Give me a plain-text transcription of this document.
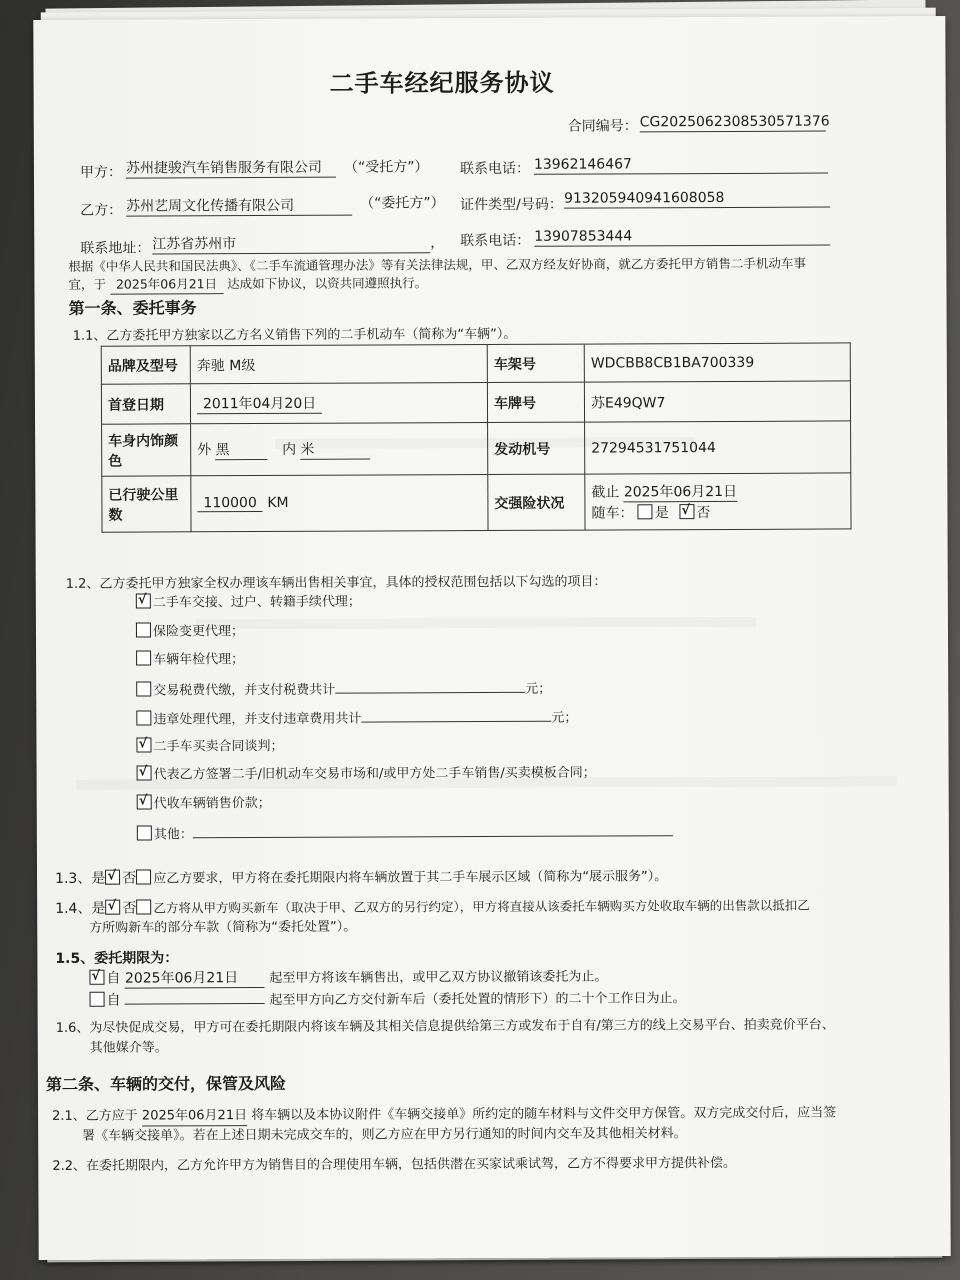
二手车经纪服务协议
合同编号： CG2025062308530571376
甲方： 苏州捷骏汽车销售服务有限公司	（“受托方”） 联系电话： 13962146467
乙方： 苏州艺周文化传播有限公司	（“委托方”） 证件类型/号码： 913205940941608058
联系地址： 江苏省苏州市	， 联系电话： 13907853444
根据《中华人民共和国民法典》、《二手车流通管理办法》等有关法律法规，甲、乙双方经友好协商，就乙方委托甲方销售二手机动车事
宜，于 2025年06月21日 达成如下协议，以资共同遵照执行。
第一条、委托事务
1.1、乙方委托甲方独家以乙方名义销售下列的二手机动车（简称为“车辆”）。
品牌及型号	奔驰 M级	车架号	WDCBB8CB1BA700339
首登日期	2011年04月20日	车牌号	苏E49QW7
车身内饰颜色	外 黑 内 米	发动机号	27294531751044
已行驶公里数	110000 KM	交强险状况	截止 2025年06月21日
随车： 是 √ 否
1.2、乙方委托甲方独家全权办理该车辆出售相关事宜，具体的授权范围包括以下勾选的项目：
√二手车交接、过户、转籍手续代理；
保险变更代理；
车辆年检代理；
交易税费代缴，并支付税费共计	元；
违章处理代理，并支付违章费用共计	元；
√二手车买卖合同谈判；
√代表乙方签署二手/旧机动车交易市场和/或甲方处二手车销售/买卖模板合同；
√代收车辆销售价款；
其他：
1.3、是 √ 否 应乙方要求，甲方将在委托期限内将车辆放置于其二手车展示区域（简称为“展示服务”）。
1.4、是 √ 否 乙方将从甲方购买新车（取决于甲、乙双方的另行约定），甲方将直接从该委托车辆购买方处收取车辆的出售款以抵扣乙
方所购新车的部分车款（简称为“委托处置”）。
1.5、委托期限为：
√自 2025年06月21日 起至甲方将该车辆售出，或甲乙双方协议撤销该委托为止。
自	起至甲方向乙方交付新车后（委托处置的情形下）的二十个工作日为止。
1.6、为尽快促成交易，甲方可在委托期限内将该车辆及其相关信息提供给第三方或发布于自有/第三方的线上交易平台、拍卖竞价平台、
其他媒介等。
第二条、车辆的交付，保管及风险
2.1、乙方应于 2025年06月21日 将车辆以及本协议附件《车辆交接单》所约定的随车材料与文件交甲方保管。双方完成交付后，应当签
署《车辆交接单》。若在上述日期未完成交车的，则乙方应在甲方另行通知的时间内交车及其他相关材料。
2.2、在委托期限内，乙方允许甲方为销售目的合理使用车辆，包括供潜在买家试乘试驾，乙方不得要求甲方提供补偿。
